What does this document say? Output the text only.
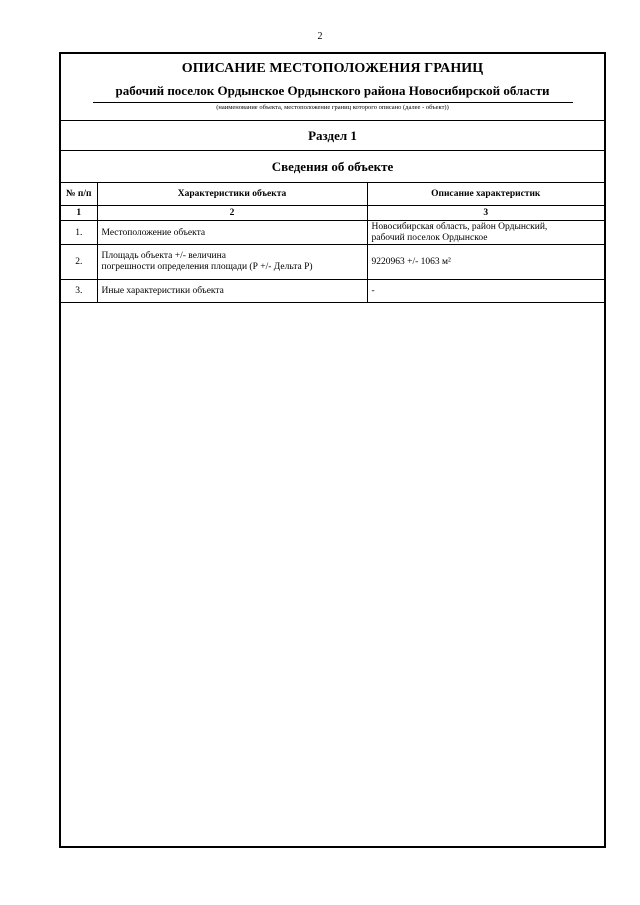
2
ОПИСАНИЕ МЕСТОПОЛОЖЕНИЯ ГРАНИЦ
рабочий поселок Ордынское Ордынского района Новосибирской области
(наименование объекта, местоположение границ которого описано (далее - объект))
Раздел 1
Сведения об объекте
№ п/п	Характеристики объекта	Описание характеристик
1	2	3
1.	Местоположение объекта	Новосибирская область, район Ордынский,
рабочий поселок Ордынское

2.	Площадь объекта +/- величина
погрешности определения площади (Р +/- Дельта Р)	9220963 +/- 1063 м²
3.	Иные характеристики объекта	-
